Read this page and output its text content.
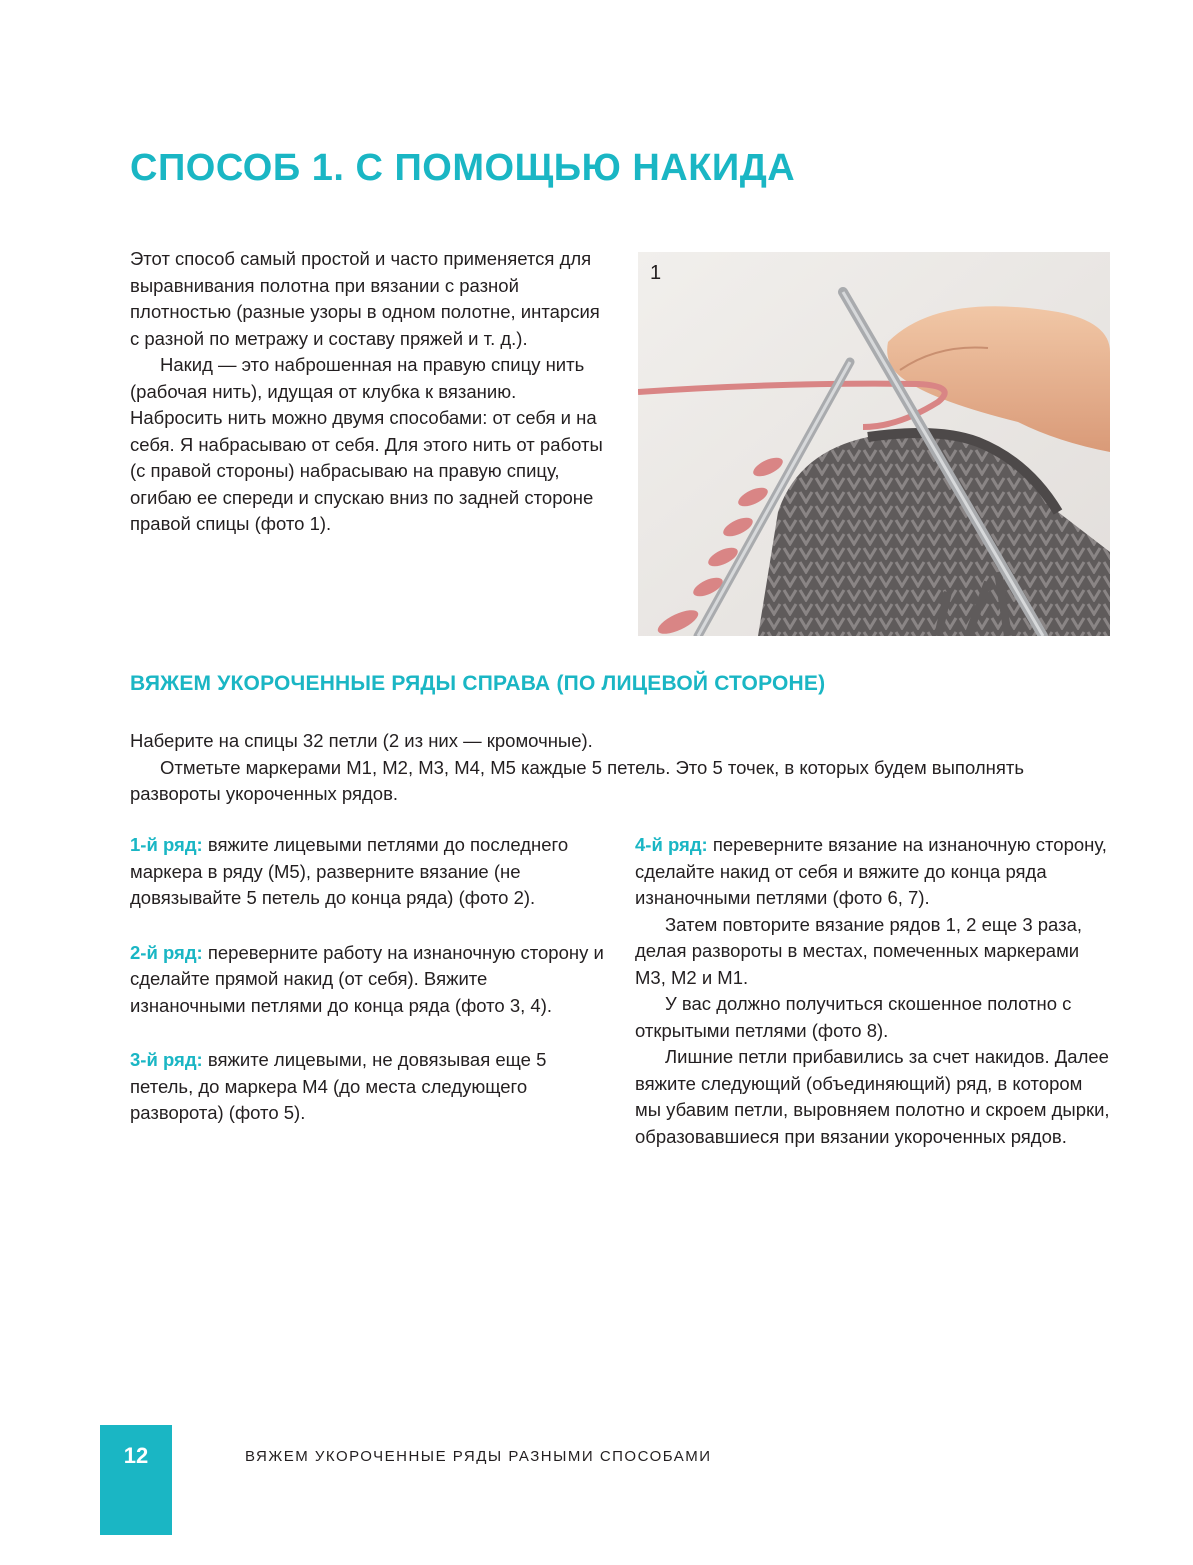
СПОСОБ 1. С ПОМОЩЬЮ НАКИДА

Этот способ самый простой и часто применяется для выравнивания полотна при вязании с разной плотностью (разные узоры в одном полотне, интарсия с разной по метражу и составу пряжей и т. д.).

Накид — это наброшенная на правую спицу нить (рабочая нить), идущая от клубка к вязанию. Набросить нить можно двумя способами: от себя и на себя. Я набрасываю от себя. Для этого нить от работы (с правой стороны) набрасываю на правую спицу, огибаю ее спереди и спускаю вниз по задней стороне правой спицы (фото 1).

1
ВЯЖЕМ УКОРОЧЕННЫЕ РЯДЫ СПРАВА (ПО ЛИЦЕВОЙ СТОРОНЕ)

Наберите на спицы 32 петли (2 из них — кромочные).

Отметьте маркерами М1, М2, М3, М4, М5 каждые 5 петель. Это 5 точек, в которых будем выполнять развороты укороченных рядов.

1-й ряд: вяжите лицевыми петлями до последнего маркера в ряду (М5), разверните вязание (не довязывайте 5 петель до конца ряда) (фото 2).

2-й ряд: переверните работу на изнаночную сторону и сделайте прямой накид (от себя). Вяжите изнаночными петлями до конца ряда (фото 3, 4).

3-й ряд: вяжите лицевыми, не довязывая еще 5 петель, до маркера М4 (до места следующего разворота) (фото 5).

4-й ряд: переверните вязание на изнаночную сторону, сделайте накид от себя и вяжите до конца ряда изнаночными петлями (фото 6, 7).

Затем повторите вязание рядов 1, 2 еще 3 раза, делая развороты в местах, помеченных маркерами М3, М2 и М1.

У вас должно получиться скошенное полотно с открытыми петлями (фото 8).

Лишние петли прибавились за счет накидов. Далее вяжите следующий (объединяющий) ряд, в котором мы убавим петли, выровняем полотно и скроем дырки, образовавшиеся при вязании укороченных рядов.

12	ВЯЖЕМ УКОРОЧЕННЫЕ РЯДЫ РАЗНЫМИ СПОСОБАМИ
